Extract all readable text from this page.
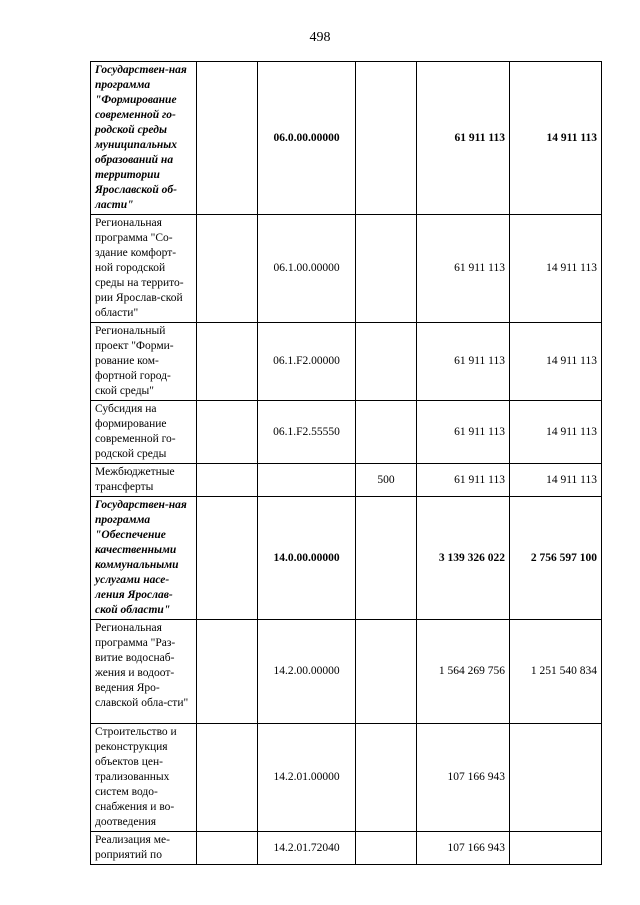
498
Государствен-ная программа "Формирование современной го-родской среды муниципальных образований на территории Ярославской об-ласти"		06.0.00.00000		61 911 113	14 911 113
Региональная программа "Со-здание комфорт-ной городской среды на террито-рии Ярослав-ской области"		06.1.00.00000		61 911 113	14 911 113
Региональный проект "Форми-рование ком-фортной город-ской среды"		06.1.F2.00000		61 911 113	14 911 113
Субсидия на формирование современной го-родской среды		06.1.F2.55550		61 911 113	14 911 113
Межбюджетные трансферты			500	61 911 113	14 911 113
Государствен-ная программа "Обеспечение качественными коммунальными услугами насе-ления Ярослав-ской области"		14.0.00.00000		3 139 326 022	2 756 597 100
Региональная программа "Раз-витие водоснаб-жения и водоот-ведения Яро-славской обла-сти"		14.2.00.00000		1 564 269 756	1 251 540 834
Строительство и реконструкция объектов цен-трализованных систем водо-снабжения и во-доотведения		14.2.01.00000		107 166 943	
Реализация ме-роприятий по		14.2.01.72040		107 166 943	
